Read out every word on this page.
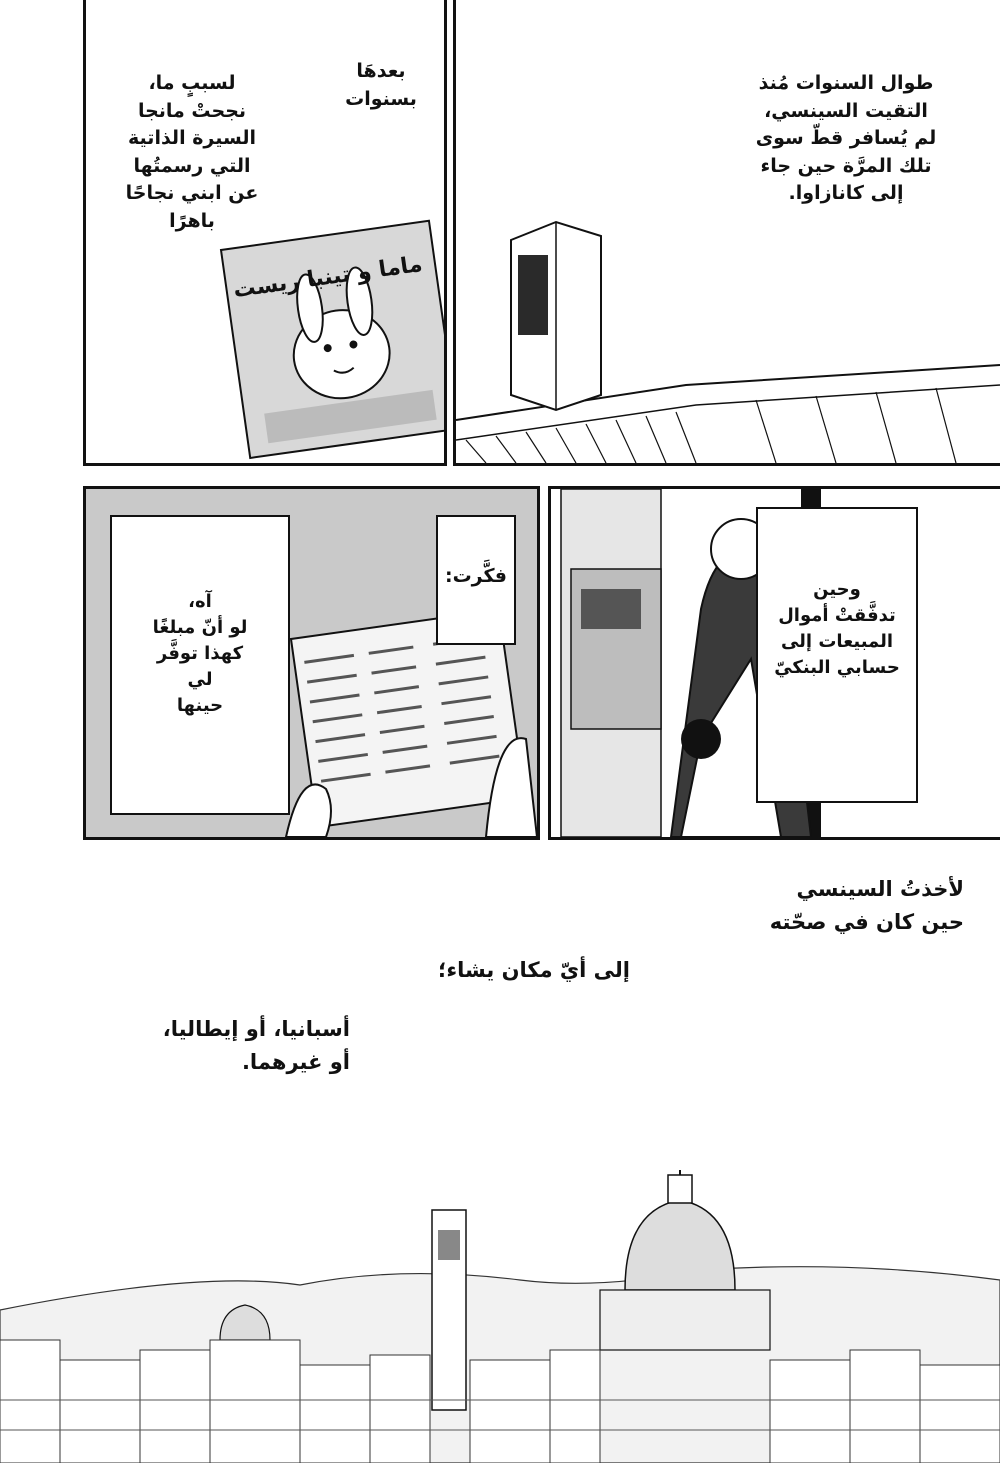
بعدهَا
بسنوات
لسببٍ ما،
نجحتْ مانجا
السيرة الذاتية
التي رسمتُها
عن ابني نجاحًا
باهرًا
ماما و تينبا ريست
طوال السنوات مُنذ
التقيت السينسي،
لم يُسافر قطّ سوى
تلك المرَّة حين جاء
إلى كانازاوا.
آه،
لو أنّ مبلغًا
كهذا توفَّر
لي
حينها
فكَّرت:
وحين
تدفَّقتْ أموال
المبيعات إلى
حسابي البنكيّ
لأخذتُ السينسي
حين كان في صحّته
إلى أيّ مكان يشاء؛
أسبانيا، أو إيطاليا،
أو غيرهما.
